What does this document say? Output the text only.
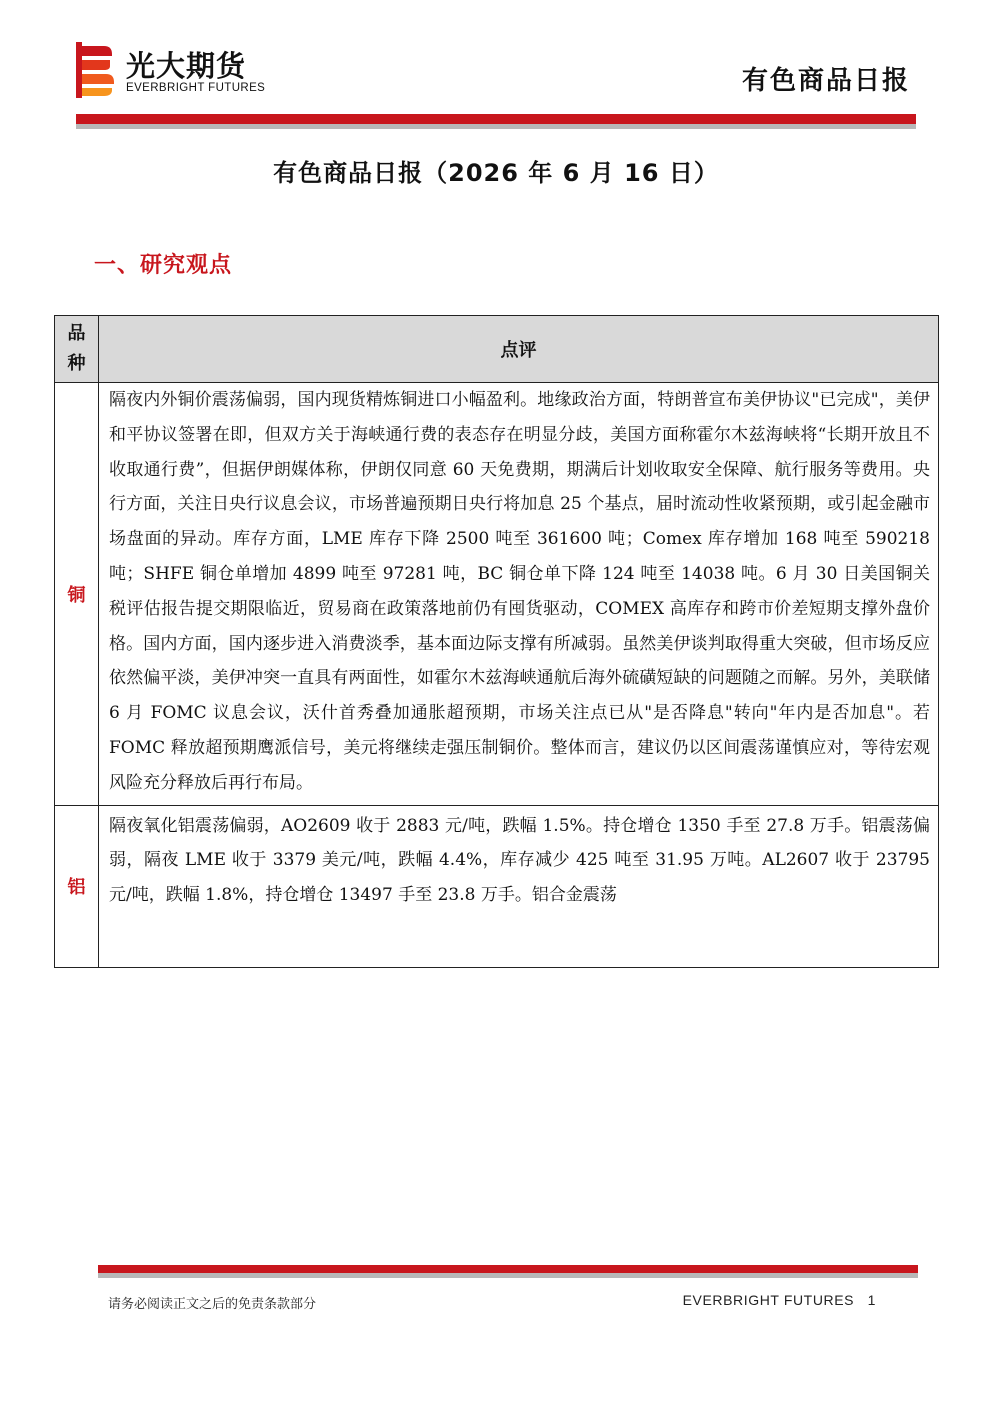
光大期货
EVERBRIGHT FUTURES	有色商品日报
有色商品日报（2026 年 6 月 16 日）
一、研究观点
品
种	点评
铜	隔夜内外铜价震荡偏弱，国内现货精炼铜进口小幅盈利。地缘政治方面，特朗普宣布美伊协议"已完成"，美伊和平协议签署在即，但双方关于海峡通行费的表态存在明显分歧，美国方面称霍尔木兹海峡将“长期开放且不收取通行费”，但据伊朗媒体称，伊朗仅同意 60 天免费期，期满后计划收取安全保障、航行服务等费用。央行方面，关注日央行议息会议，市场普遍预期日央行将加息 25 个基点，届时流动性收紧预期，或引起金融市场盘面的异动。库存方面，LME 库存下降 2500 吨至 361600 吨；Comex 库存增加 168 吨至 590218 吨；SHFE 铜仓单增加 4899 吨至 97281 吨，BC 铜仓单下降 124 吨至 14038 吨。6 月 30 日美国铜关税评估报告提交期限临近，贸易商在政策落地前仍有囤货驱动，COMEX 高库存和跨市价差短期支撑外盘价格。国内方面，国内逐步进入消费淡季，基本面边际支撑有所减弱。虽然美伊谈判取得重大突破，但市场反应依然偏平淡，美伊冲突一直具有两面性，如霍尔木兹海峡通航后海外硫磺短缺的问题随之而解。另外，美联储 6 月 FOMC 议息会议，沃什首秀叠加通胀超预期，市场关注点已从"是否降息"转向"年内是否加息"。若 FOMC 释放超预期鹰派信号，美元将继续走强压制铜价。整体而言，建议仍以区间震荡谨慎应对，等待宏观风险充分释放后再行布局。

铝	隔夜氧化铝震荡偏弱，AO2609 收于 2883 元/吨，跌幅 1.5%。持仓增仓 1350 手至 27.8 万手。铝震荡偏弱，隔夜 LME 收于 3379 美元/吨，跌幅 4.4%，库存减少 425 吨至 31.95 万吨。AL2607 收于 23795 元/吨，跌幅 1.8%，持仓增仓 13497 手至 23.8 万手。铝合金震荡

请务必阅读正文之后的免责条款部分	EVERBRIGHT FUTURES 1
